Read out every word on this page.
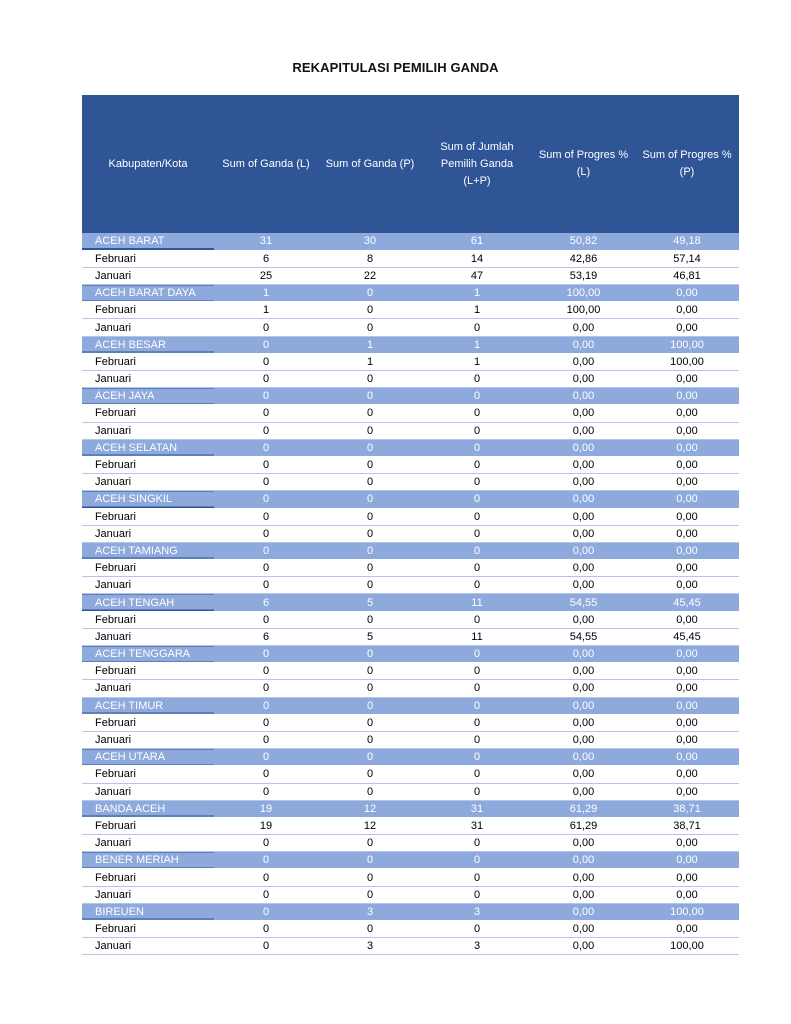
REKAPITULASI PEMILIH GANDA
Kabupaten/Kota	Sum of Ganda (L)	Sum of Ganda (P)	Sum of Jumlah Pemilih Ganda (L+P)	Sum of Progres % (L)	Sum of Progres % (P)
ACEH BARAT	31	30	61	50,82	49,18
Februari	6	8	14	42,86	57,14
Januari	25	22	47	53,19	46,81
ACEH BARAT DAYA	1	0	1	100,00	0,00
Februari	1	0	1	100,00	0,00
Januari	0	0	0	0,00	0,00
ACEH BESAR	0	1	1	0,00	100,00
Februari	0	1	1	0,00	100,00
Januari	0	0	0	0,00	0,00
ACEH JAYA	0	0	0	0,00	0,00
Februari	0	0	0	0,00	0,00
Januari	0	0	0	0,00	0,00
ACEH SELATAN	0	0	0	0,00	0,00
Februari	0	0	0	0,00	0,00
Januari	0	0	0	0,00	0,00
ACEH SINGKIL	0	0	0	0,00	0,00
Februari	0	0	0	0,00	0,00
Januari	0	0	0	0,00	0,00
ACEH TAMIANG	0	0	0	0,00	0,00
Februari	0	0	0	0,00	0,00
Januari	0	0	0	0,00	0,00
ACEH TENGAH	6	5	11	54,55	45,45
Februari	0	0	0	0,00	0,00
Januari	6	5	11	54,55	45,45
ACEH TENGGARA	0	0	0	0,00	0,00
Februari	0	0	0	0,00	0,00
Januari	0	0	0	0,00	0,00
ACEH TIMUR	0	0	0	0,00	0,00
Februari	0	0	0	0,00	0,00
Januari	0	0	0	0,00	0,00
ACEH UTARA	0	0	0	0,00	0,00
Februari	0	0	0	0,00	0,00
Januari	0	0	0	0,00	0,00
BANDA ACEH	19	12	31	61,29	38,71
Februari	19	12	31	61,29	38,71
Januari	0	0	0	0,00	0,00
BENER MERIAH	0	0	0	0,00	0,00
Februari	0	0	0	0,00	0,00
Januari	0	0	0	0,00	0,00
BIREUEN	0	3	3	0,00	100,00
Februari	0	0	0	0,00	0,00
Januari	0	3	3	0,00	100,00
